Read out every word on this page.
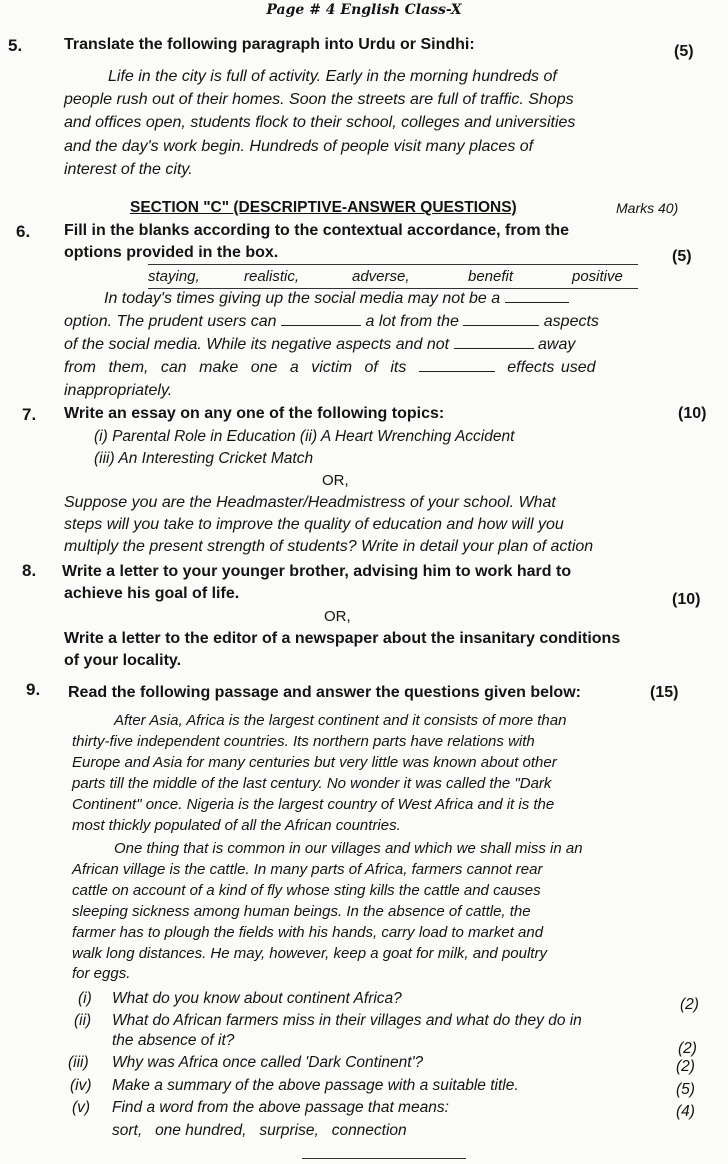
Page # 4 English Class-X
5.	Translate the following paragraph into Urdu or Sindhi:	(5)
Life in the city is full of activity. Early in the morning hundreds of
people rush out of their homes. Soon the streets are full of traffic. Shops
and offices open, students flock to their school, colleges and universities
and the day's work begin. Hundreds of people visit many places of
interest of the city.
SECTION "C" (DESCRIPTIVE-ANSWER QUESTIONS)	Marks 40)
6. Fill in the blanks according to the contextual accordance, from the
options provided in the box.	(5)
staying,	realistic,	adverse,	benefit	positive
In today's times giving up the social media may not be a
option. The prudent users can	a lot from the	aspects
of the social media. While its negative aspects and not	away
from them, can make one a victim of its	effects used
inappropriately.
7. Write an essay on any one of the following topics:	(10)
(i) Parental Role in Education (ii) A Heart Wrenching Accident
(iii) An Interesting Cricket Match
OR,
Suppose you are the Headmaster/Headmistress of your school. What
steps will you take to improve the quality of education and how will you
multiply the present strength of students? Write in detail your plan of action
8. Write a letter to your younger brother, advising him to work hard to
achieve his goal of life.	(10)
OR,
Write a letter to the editor of a newspaper about the insanitary conditions
of your locality.
9. Read the following passage and answer the questions given below:	(15)
After Asia, Africa is the largest continent and it consists of more than
thirty-five independent countries. Its northern parts have relations with
Europe and Asia for many centuries but very little was known about other
parts till the middle of the last century. No wonder it was called the "Dark
Continent" once. Nigeria is the largest country of West Africa and it is the
most thickly populated of all the African countries.
One thing that is common in our villages and which we shall miss in an
African village is the cattle. In many parts of Africa, farmers cannot rear
cattle on account of a kind of fly whose sting kills the cattle and causes
sleeping sickness among human beings. In the absence of cattle, the
farmer has to plough the fields with his hands, carry load to market and
walk long distances. He may, however, keep a goat for milk, and poultry
for eggs.
(i) What do you know about continent Africa?	(2)
(ii) What do African farmers miss in their villages and what do they do in
the absence of it?	(2)
(iii) Why was Africa once called 'Dark Continent'?	(2)
(iv) Make a summary of the above passage with a suitable title.	(5)
(v) Find a word from the above passage that means:	(4)
sort,   one hundred,   surprise,   connection
